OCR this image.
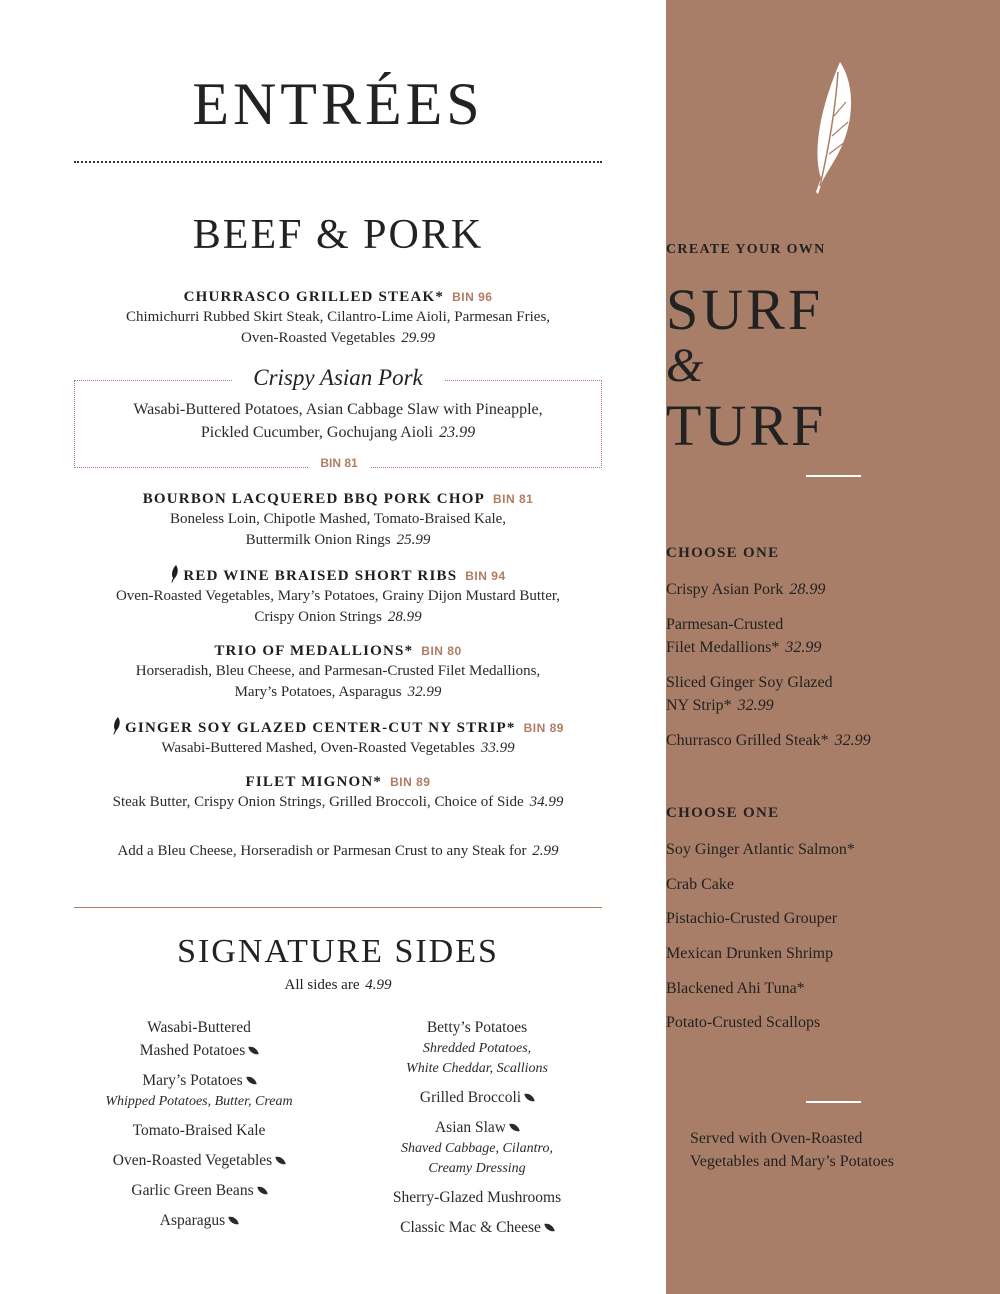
ENTRÉES
BEEF & PORK
CHURRASCO GRILLED STEAK* BIN 96
Chimichurri Rubbed Skirt Steak, Cilantro-Lime Aioli, Parmesan Fries,
Oven-Roasted Vegetables 29.99
Crispy Asian Pork
Wasabi-Buttered Potatoes, Asian Cabbage Slaw with Pineapple,
Pickled Cucumber, Gochujang Aioli 23.99
BIN 81
BOURBON LACQUERED BBQ PORK CHOP BIN 81
Boneless Loin, Chipotle Mashed, Tomato-Braised Kale,
Buttermilk Onion Rings 25.99
RED WINE BRAISED SHORT RIBS BIN 94
Oven-Roasted Vegetables, Mary’s Potatoes, Grainy Dijon Mustard Butter,
Crispy Onion Strings 28.99
TRIO OF MEDALLIONS* BIN 80
Horseradish, Bleu Cheese, and Parmesan-Crusted Filet Medallions,
Mary’s Potatoes, Asparagus 32.99
GINGER SOY GLAZED CENTER-CUT NY STRIP* BIN 89
Wasabi-Buttered Mashed, Oven-Roasted Vegetables 33.99
FILET MIGNON* BIN 89
Steak Butter, Crispy Onion Strings, Grilled Broccoli, Choice of Side 34.99
Add a Bleu Cheese, Horseradish or Parmesan Crust to any Steak for 2.99
SIGNATURE SIDES
All sides are 4.99
Wasabi-Buttered
Mashed Potatoes
Mary’s Potatoes
Whipped Potatoes, Butter, Cream
Tomato-Braised Kale
Oven-Roasted Vegetables
Garlic Green Beans
Asparagus
Betty’s Potatoes
Shredded Potatoes,
White Cheddar, Scallions
Grilled Broccoli
Asian Slaw
Shaved Cabbage, Cilantro,
Creamy Dressing
Sherry-Glazed Mushrooms
Classic Mac & Cheese
CREATE YOUR OWN
SURF
&
TURF
CHOOSE ONE
Crispy Asian Pork 28.99
Parmesan-Crusted
Filet Medallions* 32.99
Sliced Ginger Soy Glazed
NY Strip* 32.99
Churrasco Grilled Steak* 32.99
CHOOSE ONE
Soy Ginger Atlantic Salmon*
Crab Cake
Pistachio-Crusted Grouper
Mexican Drunken Shrimp
Blackened Ahi Tuna*
Potato-Crusted Scallops
Served with Oven-Roasted
Vegetables and Mary’s Potatoes
